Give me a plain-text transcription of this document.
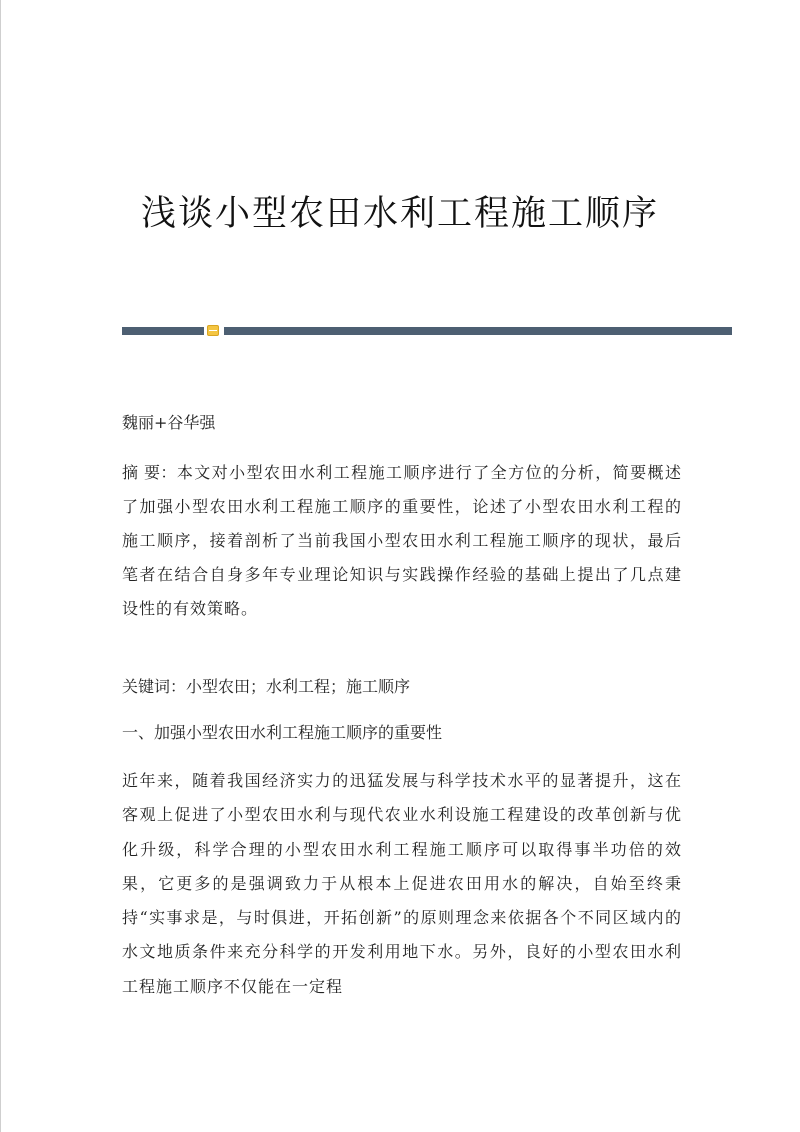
浅谈小型农田水利工程施工顺序
魏丽+谷华强

摘 要：本文对小型农田水利工程施工顺序进行了全方位的分析，简要概述了加强小型农田水利工程施工顺序的重要性，论述了小型农田水利工程的施工顺序，接着剖析了当前我国小型农田水利工程施工顺序的现状，最后笔者在结合自身多年专业理论知识与实践操作经验的基础上提出了几点建设性的有效策略。

关键词：小型农田；水利工程；施工顺序
一、加强小型农田水利工程施工顺序的重要性

近年来，随着我国经济实力的迅猛发展与科学技术水平的显著提升，这在客观上促进了小型农田水利与现代农业水利设施工程建设的改革创新与优化升级，科学合理的小型农田水利工程施工顺序可以取得事半功倍的效果，它更多的是强调致力于从根本上促进农田用水的解决，自始至终秉持“实事求是，与时俱进，开拓创新”的原则理念来依据各个不同区域内的水文地质条件来充分科学的开发利用地下水。另外，良好的小型农田水利工程施工顺序不仅能在一定程
